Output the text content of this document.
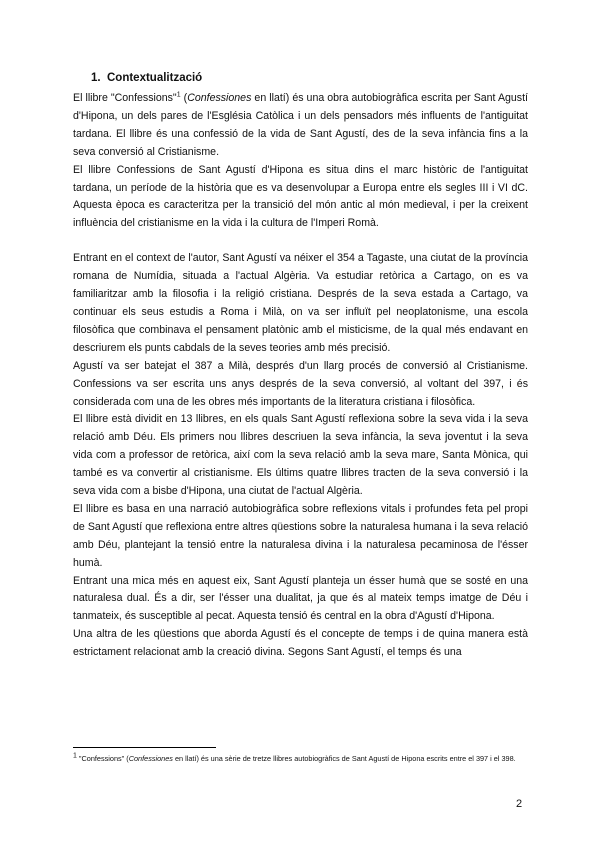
1. Contextualització

El llibre "Confessions"$^1$ (Confessiones en llatí) és una obra autobiogràfica escrita per Sant Agustí d'Hipona, un dels pares de l'Església Catòlica i un dels pensadors més influents de l'antiguitat tardana. El llibre és una confessió de la vida de Sant Agustí, des de la seva infància fins a la seva conversió al Cristianisme.

El llibre Confessions de Sant Agustí d'Hipona es situa dins el marc històric de l'antiguitat tardana, un període de la història que es va desenvolupar a Europa entre els segles III i VI dC. Aquesta època es caracteritza per la transició del món antic al món medieval, i per la creixent influència del cristianisme en la vida i la cultura de l'Imperi Romà.

Entrant en el context de l'autor, Sant Agustí va néixer el 354 a Tagaste, una ciutat de la província romana de Numídia, situada a l'actual Algèria. Va estudiar retòrica a Cartago, on es va familiaritzar amb la filosofia i la religió cristiana. Després de la seva estada a Cartago, va continuar els seus estudis a Roma i Milà, on va ser influït pel neoplatonisme, una escola filosòfica que combinava el pensament platònic amb el misticisme, de la qual més endavant en descriurem els punts cabdals de la seves teories amb més precisió.

Agustí va ser batejat el 387 a Milà, després d'un llarg procés de conversió al Cristianisme. Confessions va ser escrita uns anys després de la seva conversió, al voltant del 397, i és considerada com una de les obres més importants de la literatura cristiana i filosòfica.

El llibre està dividit en 13 llibres, en els quals Sant Agustí reflexiona sobre la seva vida i la seva relació amb Déu. Els primers nou llibres descriuen la seva infància, la seva joventut i la seva vida com a professor de retòrica, així com la seva relació amb la seva mare, Santa Mònica, qui també es va convertir al cristianisme. Els últims quatre llibres tracten de la seva conversió i la seva vida com a bisbe d'Hipona, una ciutat de l'actual Algèria.

El llibre es basa en una narració autobiogràfica sobre reflexions vitals i profundes feta pel propi de Sant Agustí que reflexiona entre altres qüestions sobre la naturalesa humana i la seva relació amb Déu, plantejant la tensió entre la naturalesa divina i la naturalesa pecaminosa de l'ésser humà.

Entrant una mica més en aquest eix, Sant Agustí planteja un ésser humà que se sosté en una naturalesa dual. És a dir, ser l'ésser una dualitat, ja que és al mateix temps imatge de Déu i tanmateix, és susceptible al pecat. Aquesta tensió és central en la obra d'Agustí d'Hipona.

Una altra de les qüestions que aborda Agustí és el concepte de temps i de quina manera està estrictament relacionat amb la creació divina. Segons Sant Agustí, el temps és una

$^1$ "Confessions" (Confessiones en llatí) és una sèrie de tretze llibres autobiogràfics de Sant Agustí de Hipona escrits entre el 397 i el 398.
2
